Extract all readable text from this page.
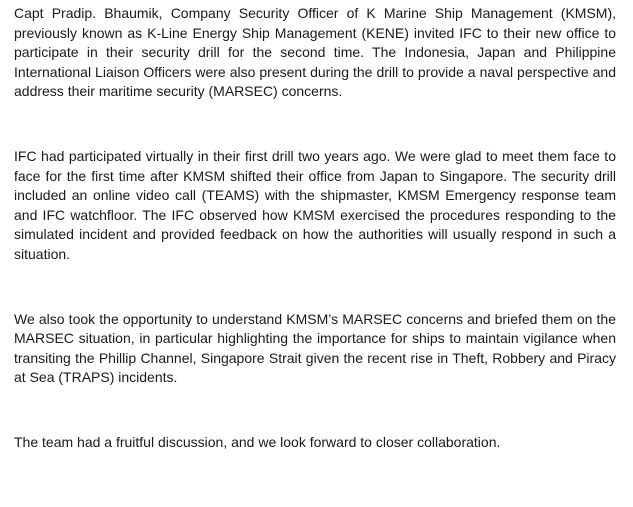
Capt Pradip. Bhaumik, Company Security Officer of K Marine Ship Management (KMSM), previously known as K-Line Energy Ship Management (KENE) invited IFC to their new office to participate in their security drill for the second time. The Indonesia, Japan and Philippine International Liaison Officers were also present during the drill to provide a naval perspective and address their maritime security (MARSEC) concerns.

IFC had participated virtually in their first drill two years ago. We were glad to meet them face to face for the first time after KMSM shifted their office from Japan to Singapore. The security drill included an online video call (TEAMS) with the shipmaster, KMSM Emergency response team and IFC watchfloor. The IFC observed how KMSM exercised the procedures responding to the simulated incident and provided feedback on how the authorities will usually respond in such a situation.

We also took the opportunity to understand KMSM’s MARSEC concerns and briefed them on the MARSEC situation, in particular highlighting the importance for ships to maintain vigilance when transiting the Phillip Channel, Singapore Strait given the recent rise in Theft, Robbery and Piracy at Sea (TRAPS) incidents.

The team had a fruitful discussion, and we look forward to closer collaboration.
